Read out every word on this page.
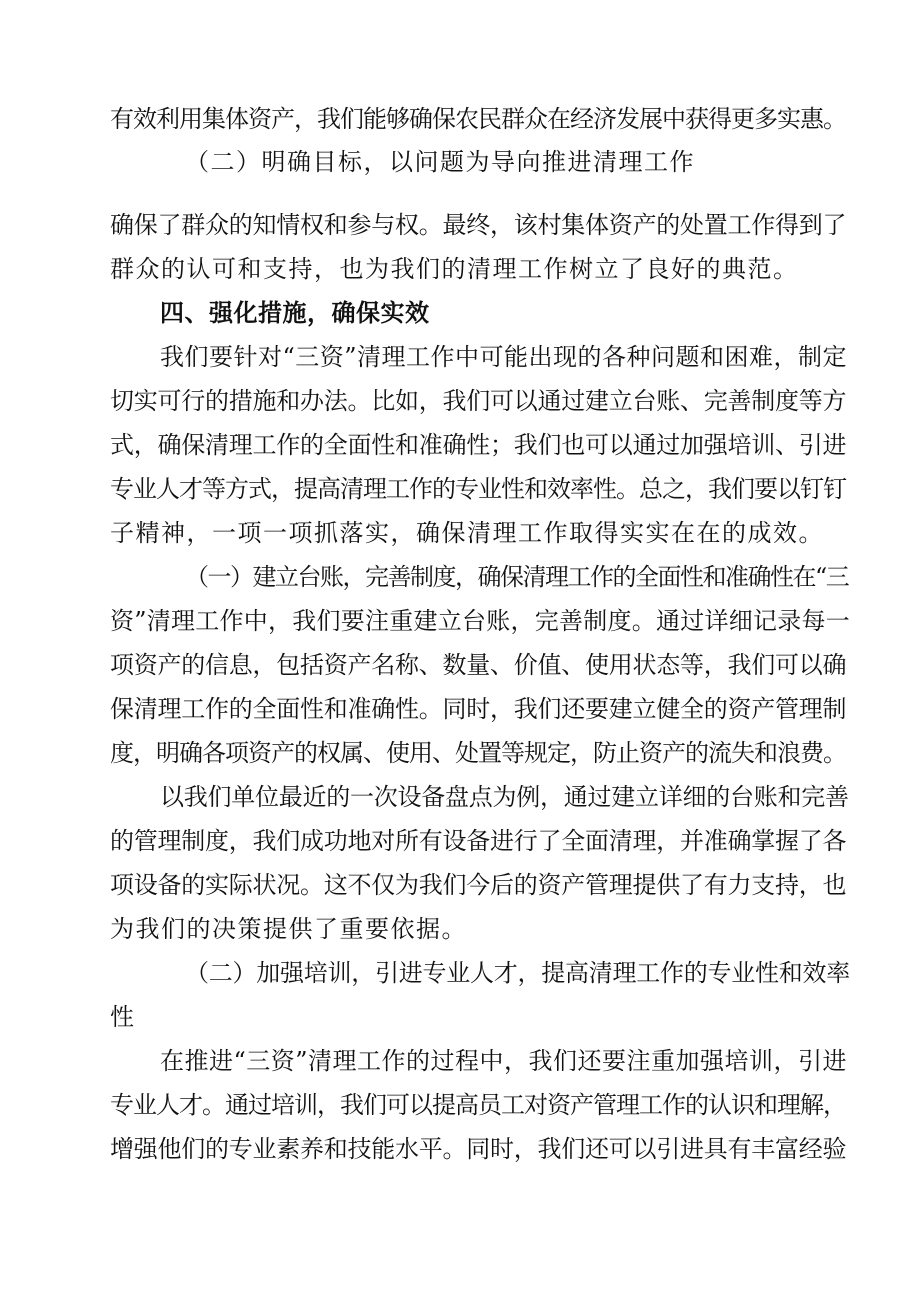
有效利用集体资产，我们能够确保农民群众在经济发展中获得更多实惠。
（二）明确目标，以问题为导向推进清理工作
确保了群众的知情权和参与权。最终，该村集体资产的处置工作得到了
群众的认可和支持，也为我们的清理工作树立了良好的典范。
四、强化措施，确保实效
我们要针对“三资”清理工作中可能出现的各种问题和困难，制定
切实可行的措施和办法。比如，我们可以通过建立台账、完善制度等方
式，确保清理工作的全面性和准确性；我们也可以通过加强培训、引进
专业人才等方式，提高清理工作的专业性和效率性。总之，我们要以钉钉
子精神，一项一项抓落实，确保清理工作取得实实在在的成效。
（一）建立台账，完善制度，确保清理工作的全面性和准确性在“三
资”清理工作中，我们要注重建立台账，完善制度。通过详细记录每一
项资产的信息，包括资产名称、数量、价值、使用状态等，我们可以确
保清理工作的全面性和准确性。同时，我们还要建立健全的资产管理制
度，明确各项资产的权属、使用、处置等规定，防止资产的流失和浪费。
以我们单位最近的一次设备盘点为例，通过建立详细的台账和完善
的管理制度，我们成功地对所有设备进行了全面清理，并准确掌握了各
项设备的实际状况。这不仅为我们今后的资产管理提供了有力支持，也
为我们的决策提供了重要依据。
（二）加强培训，引进专业人才，提高清理工作的专业性和效率
性
在推进“三资”清理工作的过程中，我们还要注重加强培训，引进
专业人才。通过培训，我们可以提高员工对资产管理工作的认识和理解，
增强他们的专业素养和技能水平。同时，我们还可以引进具有丰富经验
